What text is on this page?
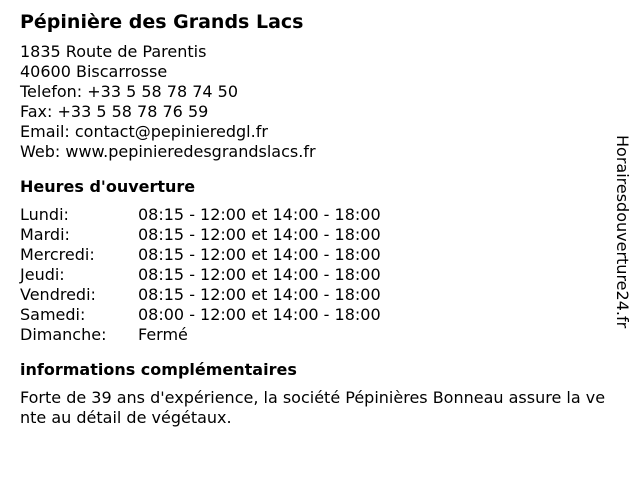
Pépinière des Grands Lacs
1835 Route de Parentis
40600 Biscarrosse
Telefon: +33 5 58 78 74 50
Fax: +33 5 58 78 76 59
Email: contact@pepinieredgl.fr
Web: www.pepinieredesgrandslacs.fr
Heures d'ouverture
Lundi:	08:15 - 12:00 et 14:00 - 18:00
Mardi:	08:15 - 12:00 et 14:00 - 18:00
Mercredi:	08:15 - 12:00 et 14:00 - 18:00
Jeudi:	08:15 - 12:00 et 14:00 - 18:00
Vendredi:	08:15 - 12:00 et 14:00 - 18:00
Samedi:	08:00 - 12:00 et 14:00 - 18:00
Dimanche:	Fermé
informations complémentaires
Forte de 39 ans d'expérience, la société Pépinières Bonneau assure la vente au détail de végétaux.
Horairesdouverture24.fr
